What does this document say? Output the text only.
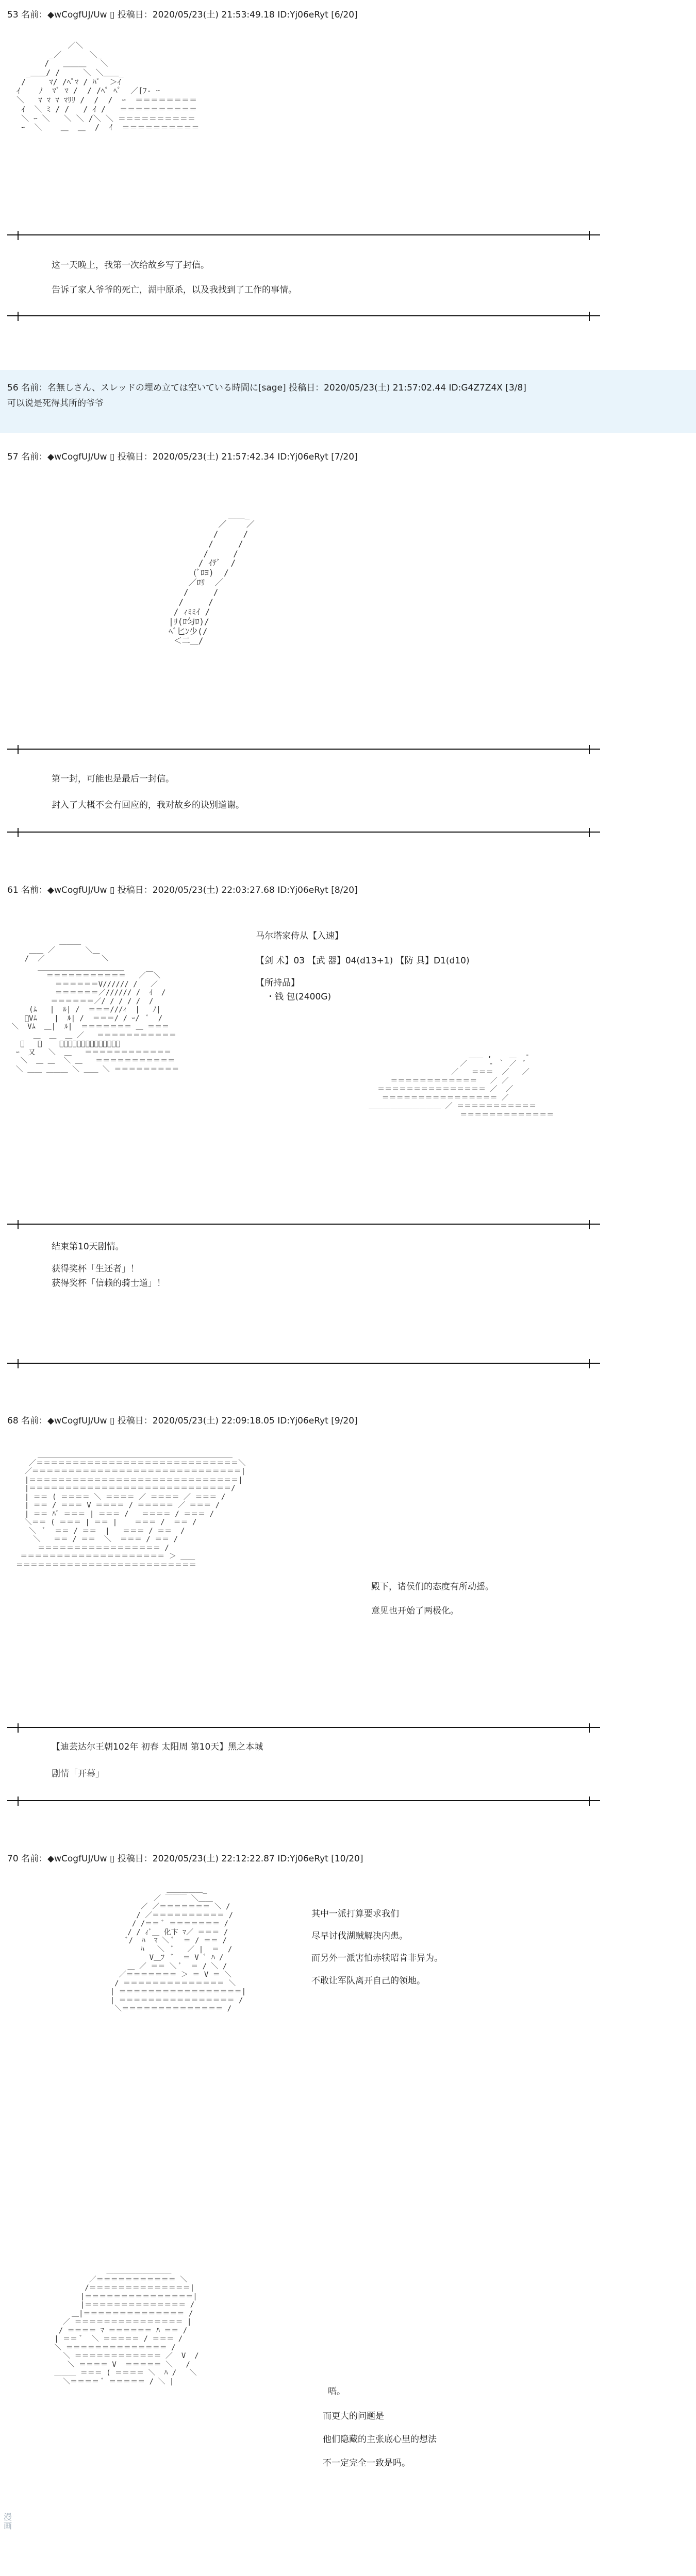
53 名前：◆wCogfUJ/Uw ▯ 投稿日：2020/05/23(土) 21:53:49.18 ID:Yj06eRyt [6/20]
／＼
_／      ＼_
/   ＿＿＿   ＼
_＿＿/ /     ＼ ＼＿＿_
/     ﾏ/ /ﾍﾟﾏ / ﾊﾟ  ＞ｲ
ｲ    ﾉ  ﾏﾞ ﾏ /  / /ﾍﾟ ﾍﾟ  ／[ﾌ- ｰ
＼   ﾏ ﾏ ﾏ ﾏﾘﾘ /  /  /  ｰ  ＝＝＝＝＝＝＝＝
ｲ  ＼ ﾐ / /   / ｲ /   ＝＝＝＝＝＝＝＝＝＝
＼ ｰ ＼   ＼ ＼ /＼ ＼ ＝＝＝＝＝＝＝＝＝＝
ｰ  ＼    ＿  ＿  /  ｲ  ＝＝＝＝＝＝＝＝＝＝
这一天晚上，我第一次给故乡写了封信。
告诉了家人爷爷的死亡，湖中原杀，以及我找到了工作的事情。
56 名前：名無しさん、スレッドの埋め立ては空いている時間に[sage] 投稿日：2020/05/23(土) 21:57:02.44 ID:G4Z7Z4X [3/8]
可以说是死得其所的爷爷
57 名前：◆wCogfUJ/Uw ▯ 投稿日：2020/05/23(土) 21:57:42.34 ID:Yj06eRyt [7/20]
＿＿_
／    ／
/     /
/     /
/     /
/ ｲﾃﾞ  /
(ﾞﾛﾖ)  /
／ﾛﾘ  ／
/     /
/     /
/ ｨﾐﾐｲ /
|ﾘ(ﾛ匀ﾛ)/
ﾍﾞ匕ﾝ少(/
＜二＿/
第一封，可能也是最后一封信。
封入了大概不会有回应的，我对故乡的诀别道谢。
61 名前：◆wCogfUJ/Uw ▯ 投稿日：2020/05/23(土) 22:03:27.68 ID:Yj06eRyt [8/20]
马尔塔家侍从【入速】
【剑 术】03 【武 器】04(d13+1) 【防 具】D1(d10)
【所持品】
・钱 包(2400G)
＿＿＿
＿＿ ／       ＼＿
/  ／             ＼
＿＿＿＿＿＿＿＿＿＿＿＿
＝＝＝＝＝＝＝＝＝＝＝   ／￣＼
＝＝＝＝＝＝V////// /   ／
＝＝＝＝＝＝／////// /  ｲ  /
＝＝＝＝＝＝／/ / / / /  /
(ﾑ   |  ﾙ| /  ＝＝＝///ｨ  |   ﾉ|
ﾞVﾑ    |  ﾙ| /  ＝＝＝/ / ｰ/  ﾞ  /
＼  Vﾑ  ＿|  ﾙ|  ＝＝＝＝＝＝＝ ＿ ＝＝＝
＿  ＿  ＿ ／   ＝＝＝＝＝＝＝＝＝＝＝
ﾞ   ＼    ＝＝＝＝＝＝＝＝＝＝＝＝＝＝
ｰ  又   ＼  ＿   ＝＝＝＝＝＝＝＝＝＝＝＝
＼  ＿ ＿  ＼ ＿   ＝＝＝＝＝＝＝＝＝＝＝
＼ ＿＿ ＿＿＿ ＼ ＿＿ ＼ ＝＝＝＝＝＝＝＝＝
＿＿ ,    ＿  ‐
／     ‐ ｀ ／  ﾞ
／   ＝＝＝  ／   ／
＝＝＝＝＝＝＝＝＝＝＝＝   ／ ／
＝＝＝＝＝＝＝＝＝＝＝＝＝＝＝ ／  ／
＝＝＝＝＝＝＝＝＝＝＝＝＝＝＝＝ ／
＿＿＿＿＿＿＿＿＿＿ ／ ＝＝＝＝＝＝＝＝＝＝＝
＝＝＝＝＝＝＝＝＝＝＝＝＝
结束第10天剧情。
获得奖杯「生还者」！
获得奖杯「信赖的骑士道」！
68 名前：◆wCogfUJ/Uw ▯ 投稿日：2020/05/23(土) 22:09:18.05 ID:Yj06eRyt [9/20]
＿＿＿＿＿＿＿＿＿＿＿＿＿＿＿＿＿＿＿＿＿＿＿＿＿＿＿
／＝＝＝＝＝＝＝＝＝＝＝＝＝＝＝＝＝＝＝＝＝＝＝＝＝＝＝＝＼
／＝＝＝＝＝＝＝＝＝＝＝＝＝＝＝＝＝＝＝＝＝＝＝＝＝＝＝＝＝|
|＝＝＝＝＝＝＝＝＝＝＝＝＝＝＝＝＝＝＝＝＝＝＝＝＝＝＝＝＝|
|＝＝＝＝＝＝＝＝＝＝＝＝＝＝＝＝＝＝＝＝＝＝＝＝＝＝＝＝/
| ＝＝ ( ＝＝＝＝ ＼ ＝＝＝＝ ／ ＝＝＝＝ ／ ＝＝＝ /
| ＝＝ / ＝＝＝ V ＝＝＝＝ / ＝＝＝＝＝ ／ ＝＝＝ /
| ＝＝ ﾊﾞ ＝＝＝ | ＝＝＝ /   ＝＝＝＝ / ＝＝＝ /
＼＝＝ ( ＝＝＝ | ＝＝ |    ＝＝＝ /  ＝＝ /
＼  ﾞ  ＝＝ / ＝＝  |   ＝＝＝ / ＝＝  /
＼   ＝＝ / ＝＝  ＼  ＝＝＝ / ＝＝ /
＝＝＝＝＝＝＝＝＝＝＝＝＝＝＝＝＝ /
＝＝＝＝＝＝＝＝＝＝＝＝＝＝＝＝＝＝＝＝ ＞ ＿＿
＝＝＝＝＝＝＝＝＝＝＝＝＝＝＝＝＝＝＝＝＝＝＝＝＝
殿下，诸侯们的态度有所动摇。
意见也开始了两极化。
【迪芸达尔王朝102年 初春 太阳周 第10天】黑之本城
剧情「开幕」
70 名前：◆wCogfUJ/Uw ▯ 投稿日：2020/05/23(土) 22:12:22.87 ID:Yj06eRyt [10/20]
＿＿＿＿＿_
／ ￣￣￣ ＼＿＿
／ ／＝＝＝＝＝＝＝ ＼ /
/ ／＝＝＝＝＝＝＝＝＝＝ /
/ /＝＝ ﾞ ＝＝＝＝＝＝＝ /
/ / ｨﾞ＿ 化卞 ﾏ／ ＝＝＝ /
ﾞ/  ﾊ  ﾏ ＼ ﾞ  ＝ / ＝＝ /
ﾊ   ＼  ﾞ   ／ |  ＝  /
V＿ﾌ  ﾞ  ＝ V ﾞ ﾊ /
＿ ／ ＝＝ ＼ ﾞ  ＝ / ＼ /
／＝＝＝＝＝＝＝ ＞ ＝ V ＝ ＼
/ ＝＝＝＝＝＝＝＝＝＝＝＝＝＝ ＼
| ＝＝＝＝＝＝＝＝＝＝＝＝＝＝＝＝＝|
| ＝＝＝＝＝＝＝＝＝＝＝＝＝＝＝＝ /
＼＝＝＝＝＝＝＝＝＝＝＝＝＝＝ /
其中一派打算要求我们
尽早讨伐湖贼解决内患。
而另外一派害怕赤犊昭肯非异为。
不敢让军队离开自己的领地。
＿＿＿＿＿＿＿＿＿
／＝＝＝＝＝＝＝＝＝＝＝ ＼
/＝＝＝＝＝＝＝＝＝＝＝＝＝＝|
|＝＝＝＝＝＝＝＝＝＝＝＝＝＝＝|
|＝＝＝＝＝＝＝＝＝＝＝＝＝＝ /
＿|＝＝＝＝＝＝＝＝＝＝＝＝＝＝ /
／ ＝＝＝＝＝＝＝＝＝＝＝＝＝＝＝ |
/ ＝＝＝＝ ﾏ ＝＝＝＝＝＝ ﾊ ＝＝ /
| ＝＝ ﾞ  ＼ ＝＝＝＝＝ / ＝＝＝ /
＼ ＝＝＝＝＝＝＝＝＝＝＝＝＝＝ /
＼ ＝＝＝＝＝＝＝＝＝＝＝＝ ／  V  /
＼ ＝＝＝＝ V  ＝＝＝＝＝ ＼   /
＿＿＿ ＝＝＝ ( ＝＝＝＝ ＼  ﾊ /   ＼
＼＝＝＝＝ ﾞ ＝＝＝＝＝ / ＼ |
唔。
而更大的问题是
他们隐藏的主张底心里的想法
不一定完全一致是吗。
漫画
